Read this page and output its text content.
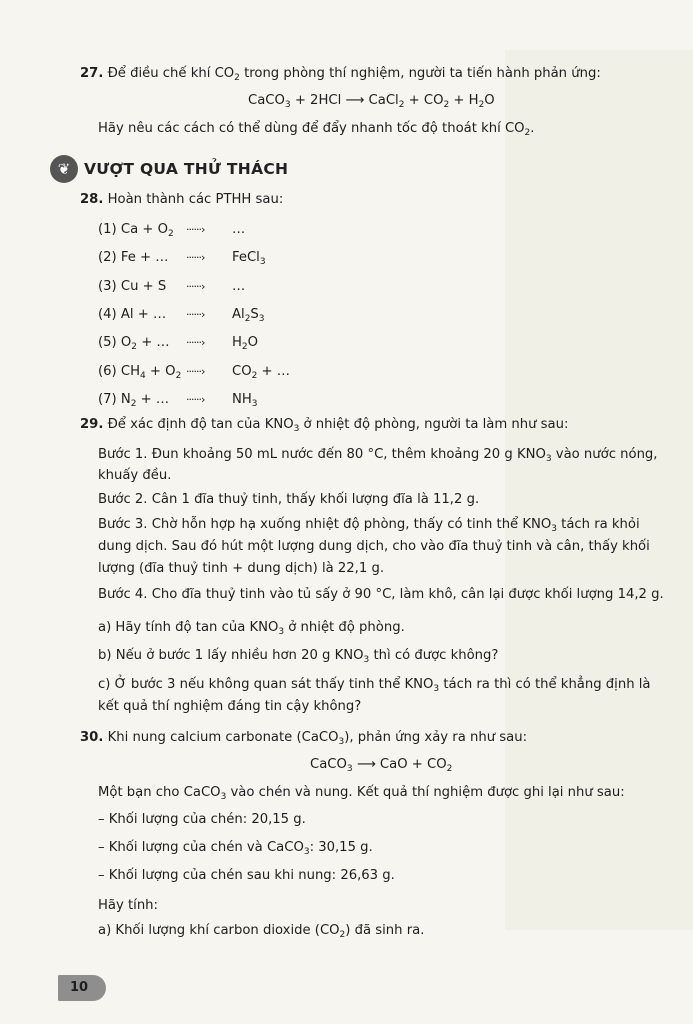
27. Để điều chế khí $CO_2$ trong phòng thí nghiệm, người ta tiến hành phản ứng:
CaCO$_3$ + 2HCl ⟶ CaCl$_2$ + $CO_2 + H_2O$
Hãy nêu các cách có thể dùng để đẩy nhanh tốc độ thoát khí $CO_2$.
❦ VƯỢT QUA THỬ THÁCH
28. Hoàn thành các PTHH sau:
(1) $Ca + O_2$ ······› …
(2) Fe + … ······› FeCl$_3$
(3) Cu + S ······› …
(4) Al + … ······› $Al_2S_3$
(5) $O_2$ + … ······› $H_2O$
(6) $CH_4 + O_2$ ······› $CO_2$ + …
(7) $N_2$ + … ······› $NH_3$
29. Để xác định độ tan của $KNO_3$ ở nhiệt độ phòng, người ta làm như sau:
Bước 1. Đun khoảng 50 mL nước đến 80 °C, thêm khoảng 20 g $KNO_3$ vào nước nóng,
khuấy đều.
Bước 2. Cân 1 đĩa thuỷ tinh, thấy khối lượng đĩa là 11,2 g.
Bước 3. Chờ hỗn hợp hạ xuống nhiệt độ phòng, thấy có tinh thể $KNO_3$ tách ra khỏi
dung dịch. Sau đó hút một lượng dung dịch, cho vào đĩa thuỷ tinh và cân, thấy khối
lượng (đĩa thuỷ tinh + dung dịch) là 22,1 g.
Bước 4. Cho đĩa thuỷ tinh vào tủ sấy ở 90 °C, làm khô, cân lại được khối lượng 14,2 g.
a) Hãy tính độ tan của $KNO_3$ ở nhiệt độ phòng.
b) Nếu ở bước 1 lấy nhiều hơn 20 g $KNO_3$ thì có được không?
c) Ở bước 3 nếu không quan sát thấy tinh thể $KNO_3$ tách ra thì có thể khẳng định là
kết quả thí nghiệm đáng tin cậy không?
30. Khi nung calcium carbonate (CaCO$_3$), phản ứng xảy ra như sau:
CaCO$_3$ ⟶ CaO + $CO_2$
Một bạn cho CaCO$_3$ vào chén và nung. Kết quả thí nghiệm được ghi lại như sau:
– Khối lượng của chén: 20,15 g.
– Khối lượng của chén và CaCO$_3$: 30,15 g.
– Khối lượng của chén sau khi nung: 26,63 g.
Hãy tính:
a) Khối lượng khí carbon dioxide $(CO_2)$ đã sinh ra.
10
